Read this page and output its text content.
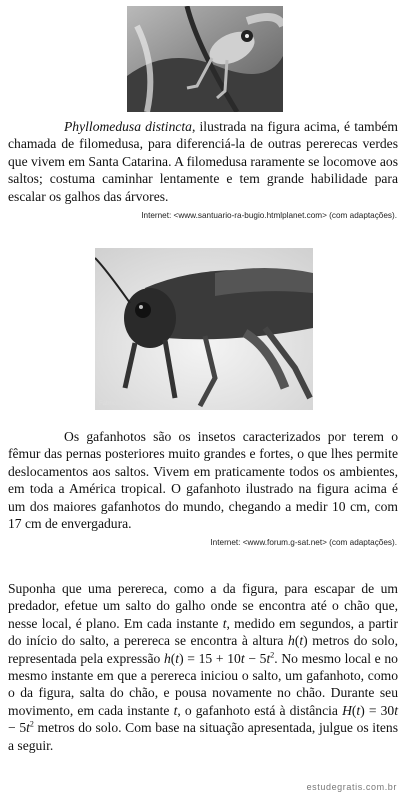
Phyllomedusa distincta, ilustrada na figura acima, é também chamada de filomedusa, para diferenciá-la de outras pererecas verdes que vivem em Santa Catarina. A filomedusa raramente se locomove aos saltos; costuma caminhar lentamente e tem grande habilidade para escalar os galhos das árvores.

Internet: <www.santuario-ra-bugio.htmlplanet.com> (com adaptações).
Fábrica/arquivo

Os gafanhotos são os insetos caracterizados por terem o fêmur das pernas posteriores muito grandes e fortes, o que lhes permite deslocamentos aos saltos. Vivem em praticamente todos os ambientes, em toda a América tropical. O gafanhoto ilustrado na figura acima é um dos maiores gafanhotos do mundo, chegando a medir 10 cm, com 17 cm de envergadura.

Internet: <www.forum.g-sat.net> (com adaptações).

Suponha que uma perereca, como a da figura, para escapar de um predador, efetue um salto do galho onde se encontra até o chão que, nesse local, é plano. Em cada instante t, medido em segundos, a partir do início do salto, a perereca se encontra à altura h(t) metros do solo, representada pela expressão $h(t) = 15 + 10t - 5t^2$. No mesmo local e no mesmo instante em que a perereca iniciou o salto, um gafanhoto, como o da figura, salta do chão, e pousa novamente no chão. Durante seu movimento, em cada instante t, o gafanhoto está à distância $H(t) = 30t - 5t^2$ metros do solo. Com base na situação apresentada, julgue os itens a seguir.

estudegratis.com.br
